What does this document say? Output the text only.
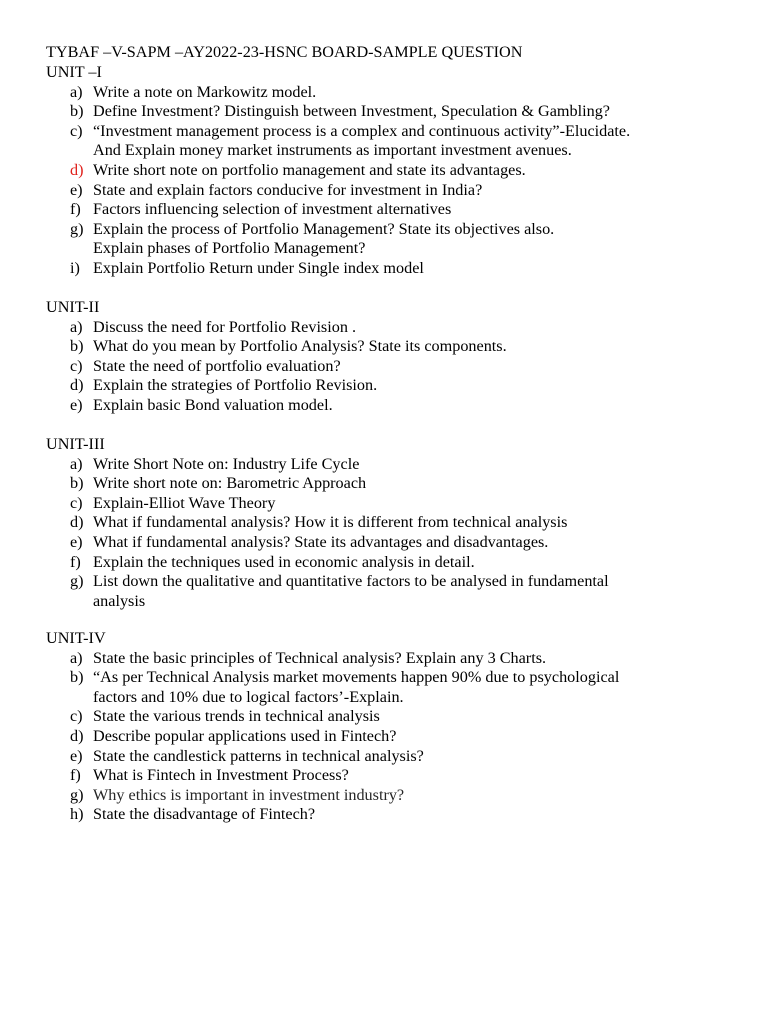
TYBAF –V-SAPM –AY2022-23-HSNC BOARD-SAMPLE QUESTION
UNIT –I
a) Write a note on Markowitz model.
b) Define Investment? Distinguish between Investment, Speculation & Gambling?
c) “Investment management process is a complex and continuous activity”-Elucidate.
And Explain money market instruments as important investment avenues.
d) Write short note on portfolio management and state its advantages.
e) State and explain factors conducive for investment in India?
f) Factors influencing selection of investment alternatives
g) Explain the process of Portfolio Management? State its objectives also.
Explain phases of Portfolio Management?
i) Explain Portfolio Return under Single index model
UNIT-II
a) Discuss the need for Portfolio Revision .
b) What do you mean by Portfolio Analysis? State its components.
c) State the need of portfolio evaluation?
d) Explain the strategies of Portfolio Revision.
e) Explain basic Bond valuation model.
UNIT-III
a) Write Short Note on: Industry Life Cycle
b) Write short note on: Barometric Approach
c) Explain-Elliot Wave Theory
d) What if fundamental analysis? How it is different from technical analysis
e) What if fundamental analysis? State its advantages and disadvantages.
f) Explain the techniques used in economic analysis in detail.
g) List down the qualitative and quantitative factors to be analysed in fundamental
analysis
UNIT-IV
a) State the basic principles of Technical analysis? Explain any 3 Charts.
b) “As per Technical Analysis market movements happen 90% due to psychological
factors and 10% due to logical factors’-Explain.
c) State the various trends in technical analysis
d) Describe popular applications used in Fintech?
e) State the candlestick patterns in technical analysis?
f) What is Fintech in Investment Process?
g) Why ethics is important in investment industry?
h) State the disadvantage of Fintech?
